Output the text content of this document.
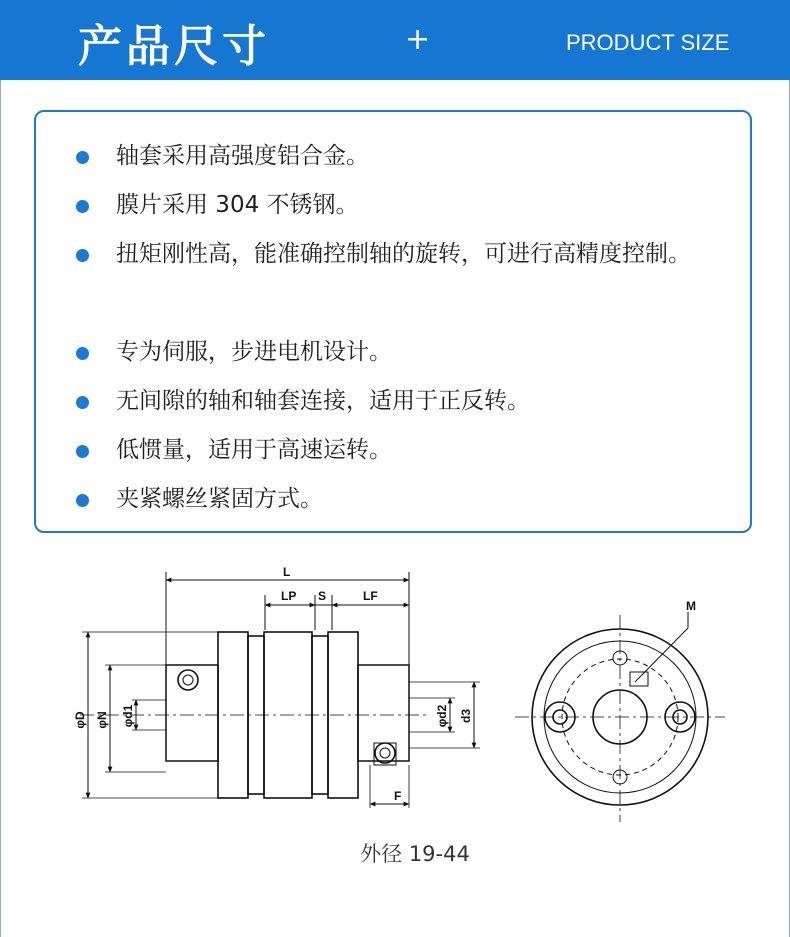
产品尺寸	+	PRODUCT SIZE
轴套采用高强度铝合金。
膜片采用 304 不锈钢。
扭矩刚性高，能准确控制轴的旋转，可进行高精度控制。
专为伺服，步进电机设计。
无间隙的轴和轴套连接，适用于正反转。
低惯量，适用于高速运转。
夹紧螺丝紧固方式。
L
LP S	LF
F
M
φD φN φd1	φd2 d3
外径 19-44
